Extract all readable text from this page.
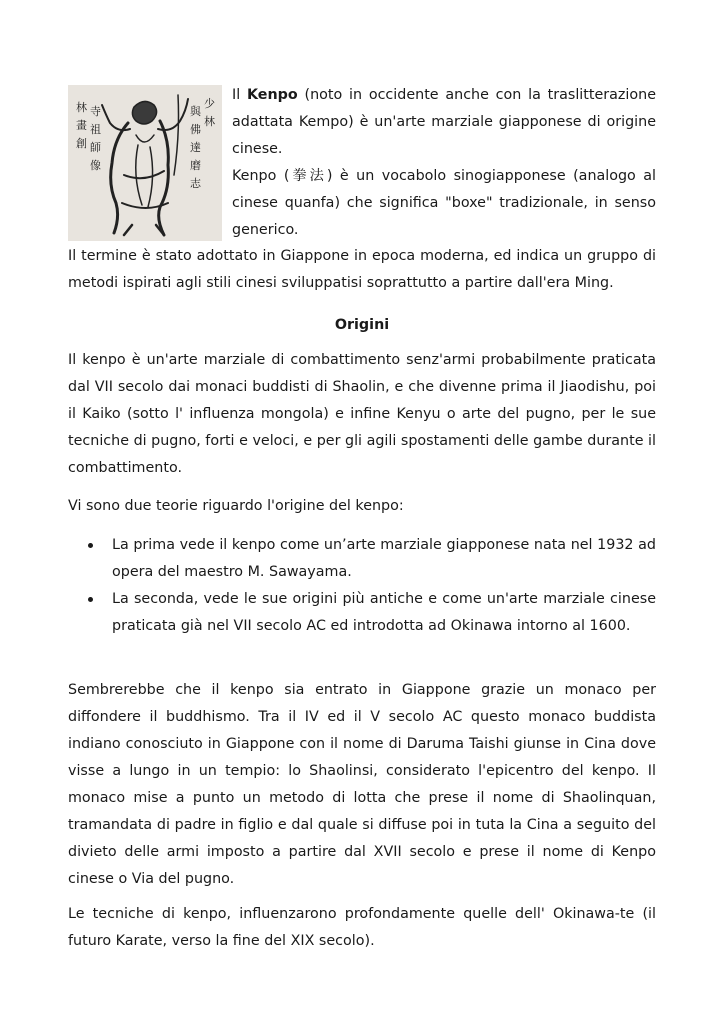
林
畫
創
寺
祖
師
像
少
林
與
佛
達
磨
志

Il Kenpo (noto in occidente anche con la traslitterazione adattata Kempo) è un'arte marziale giapponese di origine cinese.

Kenpo (拳法) è un vocabolo sinogiapponese (analogo al cinese quanfa) che significa "boxe" tradizionale, in senso generico.

Il termine è stato adottato in Giappone in epoca moderna, ed indica un gruppo di metodi ispirati agli stili cinesi sviluppatisi soprattutto a partire dall'era Ming.

Origini

Il kenpo è un'arte marziale di combattimento senz'armi probabilmente praticata dal VII secolo dai monaci buddisti di Shaolin, e che divenne prima il Jiaodishu, poi il Kaiko (sotto l' influenza mongola) e infine Kenyu o arte del pugno, per le sue tecniche di pugno, forti e veloci, e per gli agili spostamenti delle gambe durante il combattimento.

Vi sono due teorie riguardo l'origine del kenpo:

La prima vede il kenpo come un’arte marziale giapponese nata nel 1932 ad opera del maestro M. Sawayama.
La seconda, vede le sue origini più antiche e come un'arte marziale cinese praticata già nel VII secolo AC ed introdotta ad Okinawa intorno al 1600.

Sembrerebbe che il kenpo sia entrato in Giappone grazie un monaco per diffondere il buddhismo. Tra il IV ed il V secolo AC questo monaco buddista indiano conosciuto in Giappone con il nome di Daruma Taishi giunse in Cina dove visse a lungo in un tempio: lo Shaolinsi, considerato l'epicentro del kenpo. Il monaco mise a punto un metodo di lotta che prese il nome di Shaolinquan, tramandata di padre in figlio e dal quale si diffuse poi in tuta la Cina a seguito del divieto delle armi imposto a partire dal XVII secolo e prese il nome di Kenpo cinese o Via del pugno.

Le tecniche di kenpo, influenzarono profondamente quelle dell' Okinawa-te (il futuro Karate, verso la fine del XIX secolo).
